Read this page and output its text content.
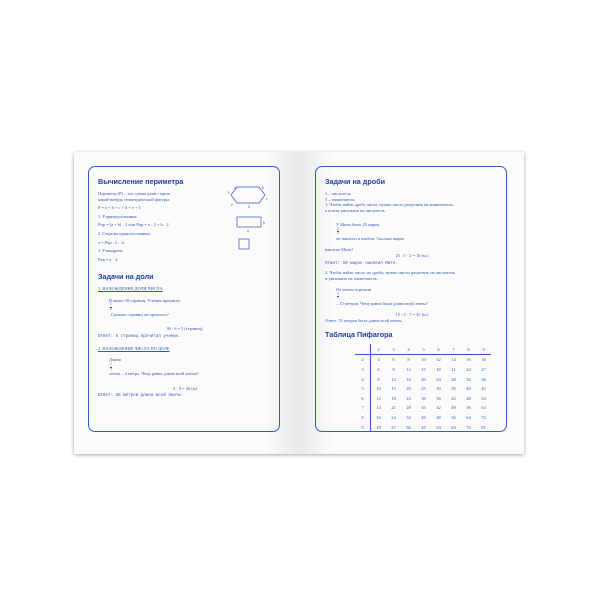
Вычисление периметра

Периметр (P) – это сумма длин сторон

какой-нибудь геометрической фигуры:

P = a + b + c + d + e + f.

1. P прямоугольника:

Pпр = (a + b) · 2 или Pпр = a · 2 + b · 2.

2. Сторона прямоугольника:

a = Pпр : 2 – b.

3. P квадрата:

Pкв = a · 4.

Задачи на доли

1. НАХОЖДЕНИЕ ДОЛИ ЧИСЛА

В книге 30 страниц. Ученик прочитал

$\frac{1}{6}$

. Сколько страниц он прочитал?

30 : 6 = 5 (страниц).

Ответ: 5 страниц прочитал ученик.

2. НАХОЖДЕНИЕ ЧИСЛА ПО ДОЛЕ

Длина

$\frac{1}{9}$

ленты – 4 метра. Чему равна длина всей ленты?

4 · 9 = 36 (м)

Ответ: 36 метров длина всей ленты.

a	b
c
d
e
f
b
a

Задачи на дроби

1 – числитель

5 – знаменатель

1. Чтобы найти дробь числа, нужно число разделить на знаменатель,

а потом умножить на числитель.

У Мити было 25 марок.

$\frac{2}{5}$

он наклеил в альбом. Сколько марок

наклеил Митя?

25 : 5 · 2 = 10 (м.)

Ответ: 10 марок наклеил Митя.

2. Чтобы найти число по дроби, нужно число разделить на числитель

и умножить на знаменатель.

От ленты отрезали

$\frac{3}{7}$

– 15 метров. Чему равна была длина всей ленты?

15 : 3 · 7 = 35 (м.)

Ответ: 35 метров была длина всей ленты.

Таблица Пифагора

	2	3	4	5	6	7	8	9
2	4	6	8	10	12	14	16	18
3	6	9	12	15	18	21	24	27
4	8	12	16	20	24	28	32	36
5	10	15	20	25	30	35	40	45
6	12	18	24	30	36	42	48	54
7	14	21	28	35	42	49	56	63
8	16	24	32	40	48	56	64	72
9	18	27	36	45	54	63	72	81
